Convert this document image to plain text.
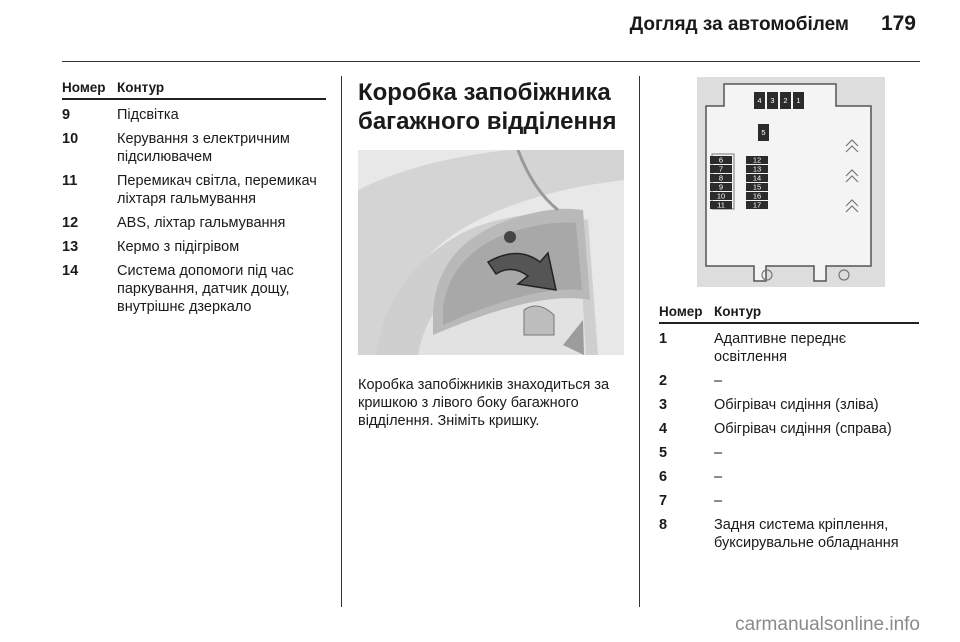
Догляд за автомобілем 179
Номер Контур
9	Підсвітка
10	Керування з електричним підсилювачем
11	Перемикач світла, перемикач ліхтаря гальмування
12	ABS, ліхтар гальмування
13	Кермо з підігрівом
14	Система допомоги під час паркування, датчик дощу, внутрішнє дзеркало
Коробка запобіжника
багажного відділення
Коробка запобіжників знаходиться за кришкою з лівого боку багажного відділення. Зніміть кришку.
4 3 2 1
5
6
7
8
9
10
11
12
13
14
15
16
17
Номер Контур
1	Адаптивне переднє освітлення
2	–
3	Обігрівач сидіння (зліва)
4	Обігрівач сидіння (справа)
5	–
6	–
7	–
8	Задня система кріплення, буксирувальне обладнання
carmanualsonline.info
